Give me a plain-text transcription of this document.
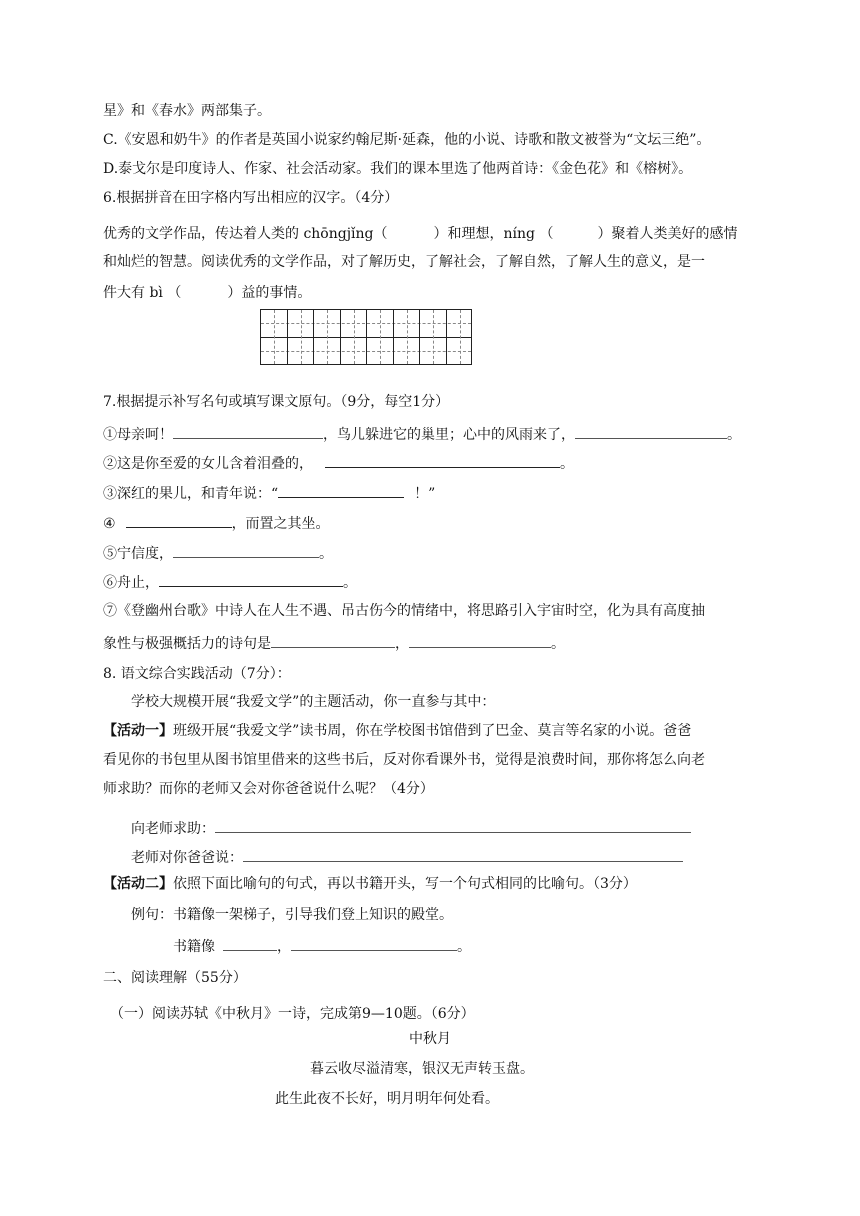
星》和《春水》两部集子。
C.《安恩和奶牛》的作者是英国小说家约翰尼斯·延森，他的小说、诗歌和散文被誉为“文坛三绝”。
D.泰戈尔是印度诗人、作家、社会活动家。我们的课本里选了他两首诗：《金色花》和《榕树》。
6.根据拼音在田字格内写出相应的汉字。（4分）
优秀的文学作品，传达着人类的 chōngjǐng（	）和理想，níng （	）聚着人类美好的感情
和灿烂的智慧。阅读优秀的文学作品，对了解历史，了解社会，了解自然，了解人生的意义，是一
件大有 bì （	）益的事情。
7.根据提示补写名句或填写课文原句。（9分，每空1分）
①母亲呵！	，鸟儿躲进它的巢里；心中的风雨来了，	。
②这是你至爱的女儿含着泪叠的，	。
③深红的果儿，和青年说：“	！”
④	，而置之其坐。
⑤宁信度，	。
⑥舟止，	。
⑦《登幽州台歌》中诗人在人生不遇、吊古伤今的情绪中，将思路引入宇宙时空，化为具有高度抽
象性与极强概括力的诗句是	，	。
8. 语文综合实践活动（7分）：
学校大规模开展“我爱文学”的主题活动，你一直参与其中：
【活动一】班级开展“我爱文学”读书周，你在学校图书馆借到了巴金、莫言等名家的小说。爸爸
看见你的书包里从图书馆里借来的这些书后，反对你看课外书，觉得是浪费时间，那你将怎么向老
师求助？而你的老师又会对你爸爸说什么呢？（4分）
向老师求助：
老师对你爸爸说：
【活动二】依照下面比喻句的句式，再以书籍开头，写一个句式相同的比喻句。（3分）
例句：书籍像一架梯子，引导我们登上知识的殿堂。
书籍像	，	。
二、阅读理解（55分）
（一）阅读苏轼《中秋月》一诗，完成第9—10题。（6分）
中秋月
暮云收尽溢清寒，银汉无声转玉盘。
此生此夜不长好，明月明年何处看。
